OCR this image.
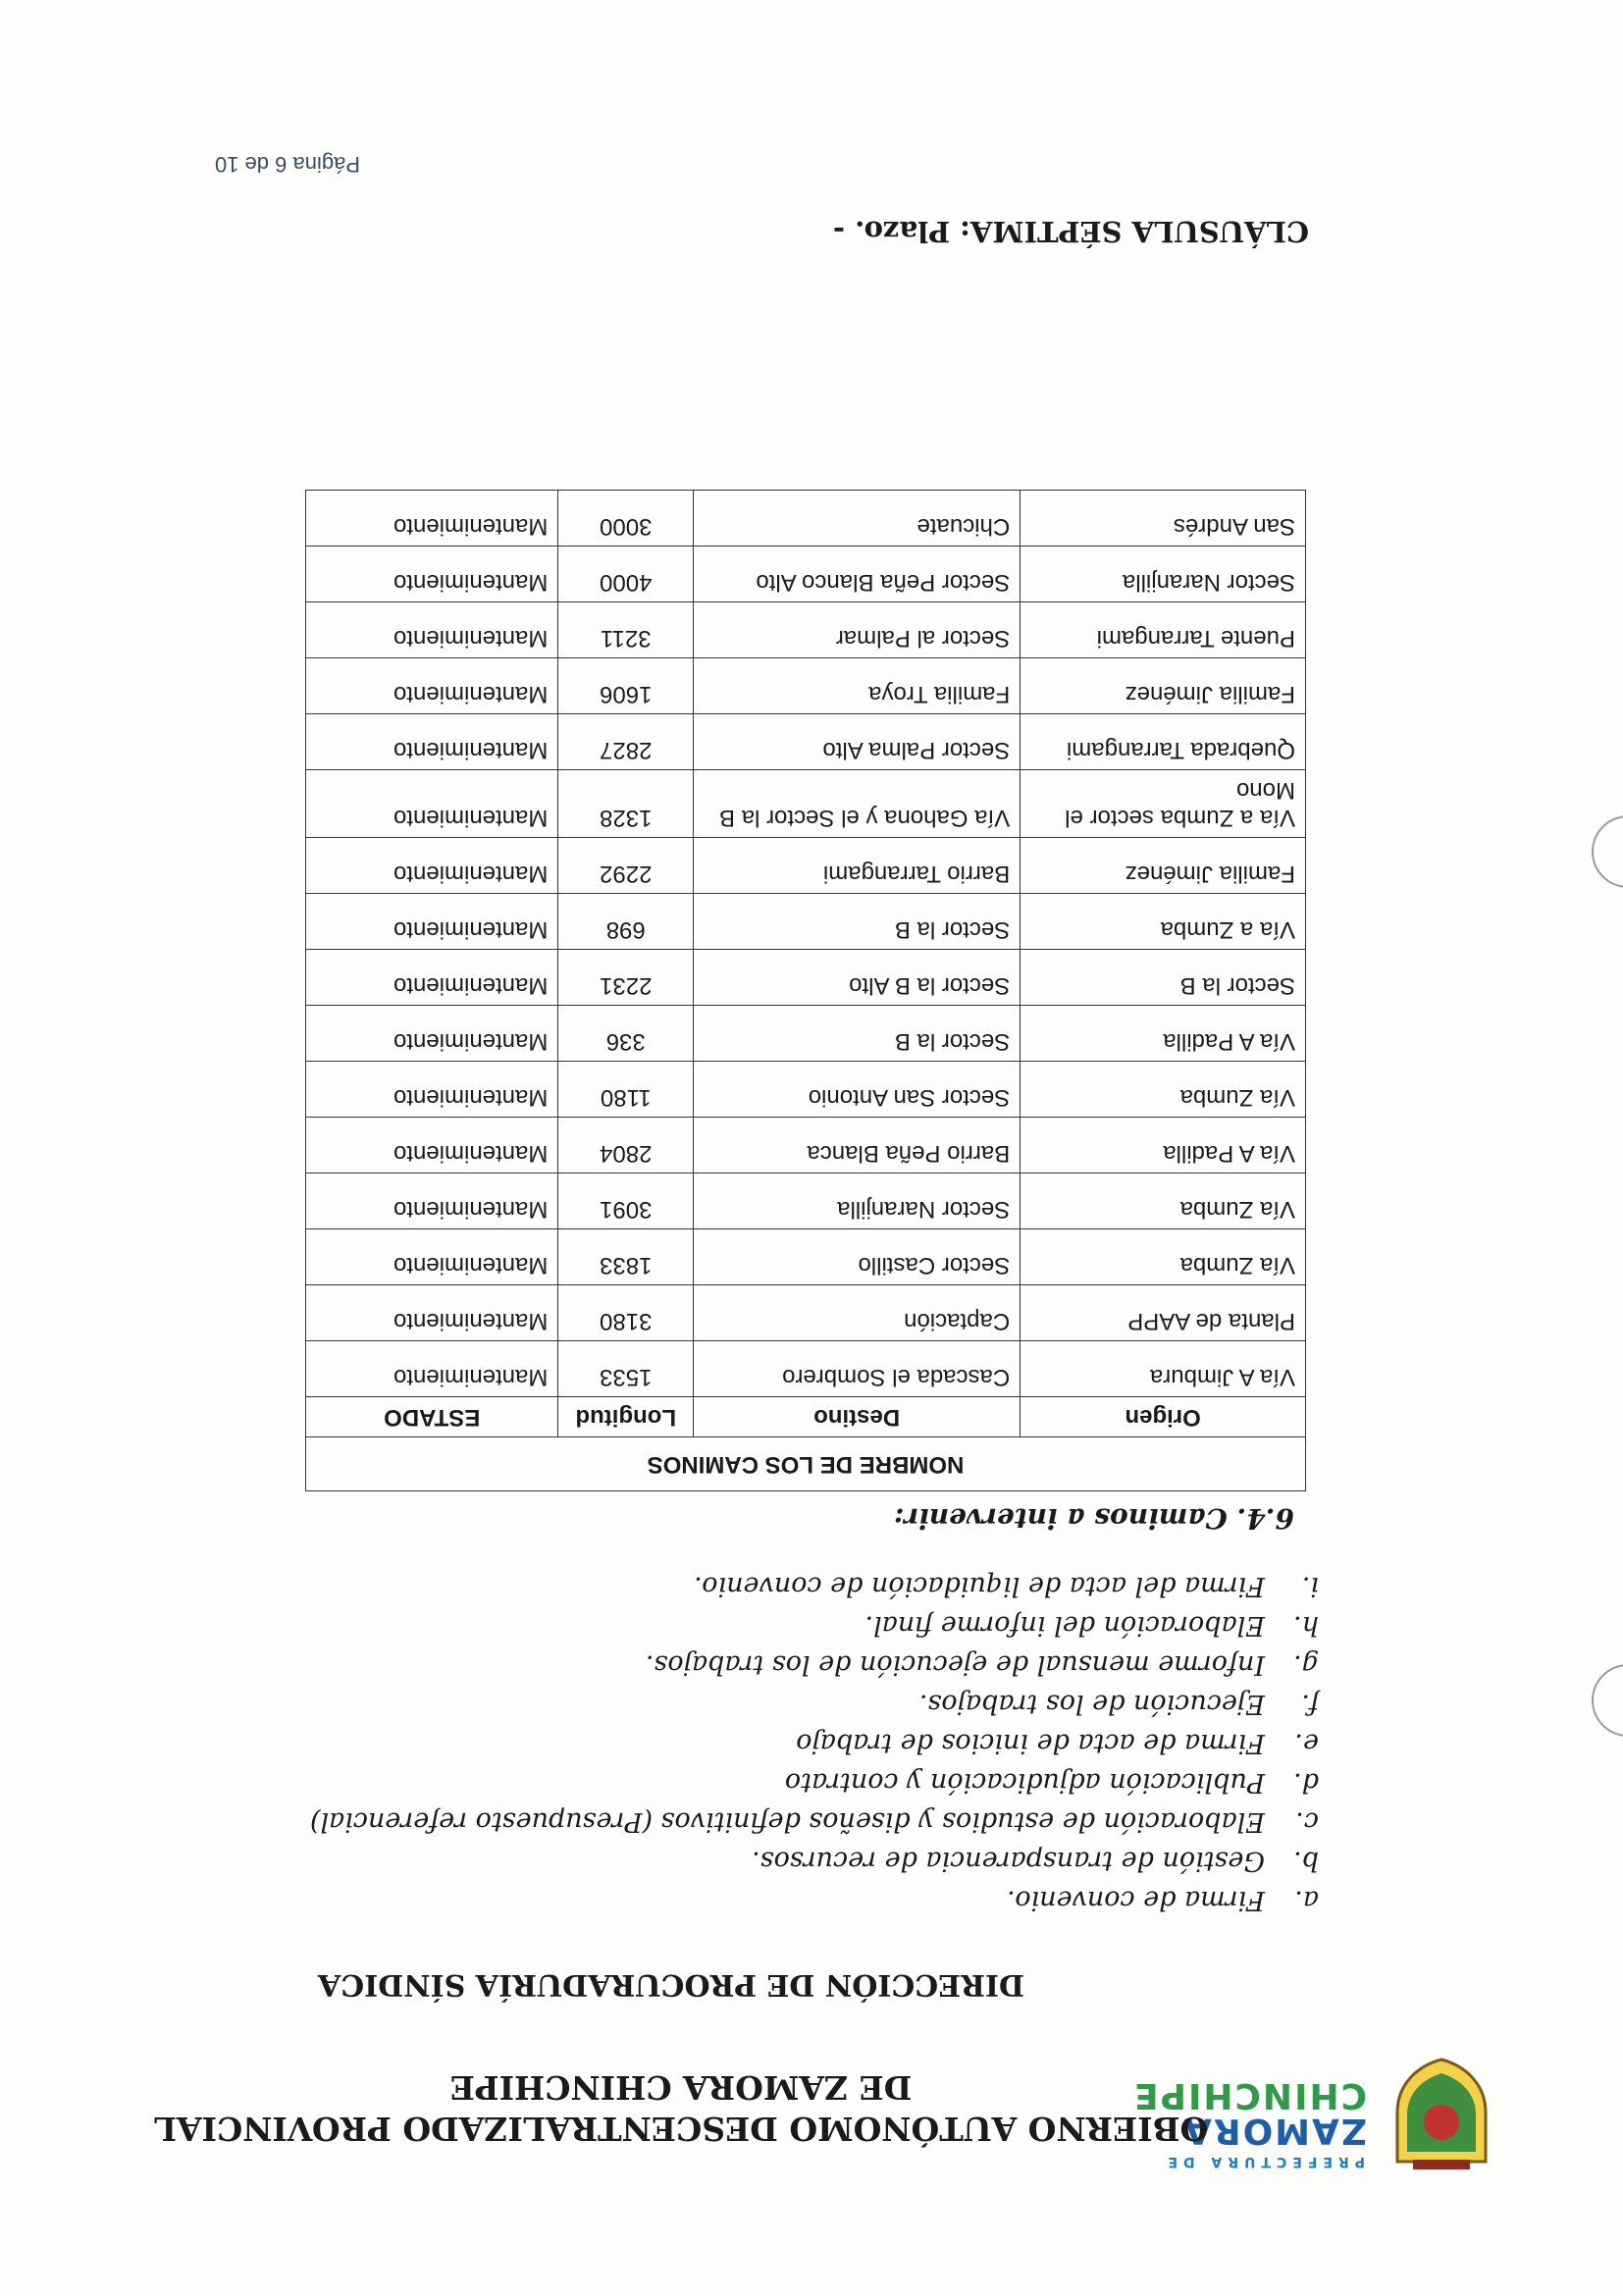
PREFECTURA DE
ZAMORA
CHINCHIPE
OBIERNO AUTÓNOMO DESCENTRALIZADO PROVINCIAL
DE ZAMORA CHINCHIPE
DIRECCIÓN DE PROCURADURÍA SÍNDICA
a.Firma de convenio.
b.Gestión de transparencia de recursos.
c.Elaboración de estudios y diseños definitivos (Presupuesto referencial)
d.Publicación adjudicación y contrato
e.Firma de acta de inicios de trabajo
f.Ejecución de los trabajos.
g.Informe mensual de ejecución de los trabajos.
h.Elaboración del informe final.
i.Firma del acta de liquidación de convenio.
6.4. Caminos a intervenir:
NOMBRE DE LOS CAMINOS			
Origen	Destino	Longitud	ESTADO
Vía A Jimbura	Cascada el Sombrero	1533	Mantenimiento
Planta de AAPP	Captación	3180	Mantenimiento
Vía Zumba	Sector Castillo	1833	Mantenimiento
Vía Zumba	Sector Naranjilla	3091	Mantenimiento
Vía A Padilla	Barrio Peña Blanca	2804	Mantenimiento
Vía Zumba	Sector San Antonio	1180	Mantenimiento
Vía A Padilla	Sector la B	336	Mantenimiento
Sector la B	Sector la B Alto	2231	Mantenimiento
Vía a Zumba	Sector la B	698	Mantenimiento
Familia Jiménez	Barrio Tarrangami	2292	Mantenimiento
Vía a Zumba sector el Mono	Vía Gahona y el Sector la B	1328	Mantenimiento
Quebrada Tarrangami	Sector Palma Alto	2827	Mantenimiento
Familia Jiménez	Familia Troya	1606	Mantenimiento
Puente Tarrangami	Sector al Palmar	3211	Mantenimiento
Sector Naranjilla	Sector Peña Blanco Alto	4000	Mantenimiento
San Andrés	Chicuate	3000	Mantenimiento
CLÁUSULA SÉPTIMA: Plazo. -
Página 6 de 10
